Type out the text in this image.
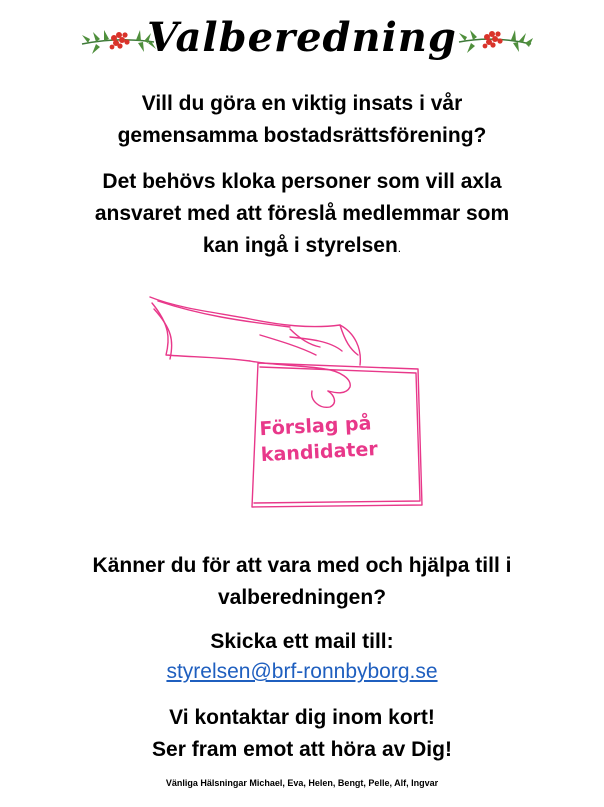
Valberedning
Vill du göra en viktig insats i vår
gemensamma bostadsrättsförening?
Det behövs kloka personer som vill axla
ansvaret med att föreslå medlemmar som
kan ingå i styrelsen.
Förslag på
kandidater
Känner du för att vara med och hjälpa till i
valberedningen?
Skicka ett mail till:
styrelsen@brf-ronnbyborg.se
Vi kontaktar dig inom kort!
Ser fram emot att höra av Dig!
Vänliga Hälsningar Michael, Eva, Helen, Bengt, Pelle, Alf, Ingvar
